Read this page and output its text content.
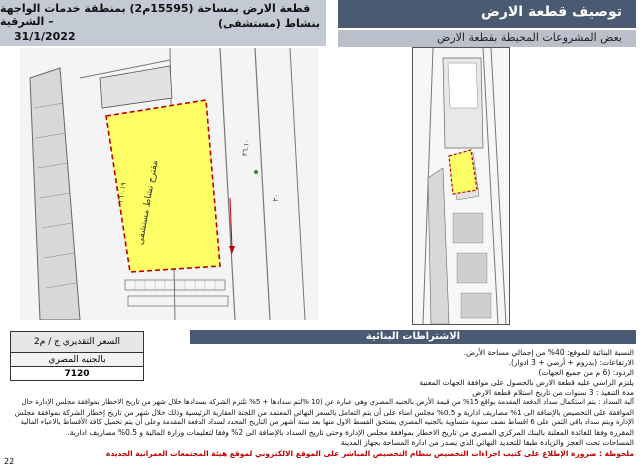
توصيف قطعة الارض
بعض المشروعات المحيطة بقطعة الارض
قطعة الارض بمساحة (15595م2) بمنطقة خدمات الواجهة الشرقية –	بنشاط (مستشفى)
31/1/2022
مقترح نشاط مستشفى
٢٦٠.١٩
٢٦.١٠
٢٠
الاشتراطات البنائية
السعر التقديري ج / م2
بالجنيه المصري
7120
النسبة البنائية للموقع: 40% من إجمالي مساحة الأرض.
الارتفاعات: (بدروم + أرضي + 3 ادوار).
الردود: (6 م من جميع الجهات)
يلتزم الراسي عليه قطعة الارض بالحصول على موافقة الجهات المعنية
مدة التنفيذ : 3 سنوات من تاريخ استلام قطعة الارض
آلية السداد : يتم استكمال سداد الدفعة المقدمة بواقع 15% من قيمة الأرض بالجنيه المصري وهي عبارة عن (10 %لتم سدادها + 5% تلتزم الشركة بسدادها خلال شهر من تاريخ الاخطار بموافقة مجلس الإدارة حال
الموافقة على التخصيص بالإضافة الى 1% مصاريف ادارية و 0.5% مجلس امناء على أن يتم التعامل بالسعر النهائي المعتمد من اللجنة العقارية الرئيسية وذلك خلال شهر من تاريخ إخطار الشركة بموافقة مجلس
الإدارة ويتم سداد باقي الثمن على 6 اقساط نصف سنوية متساوية بالجنيه المصري يستحق القسط الاول منها بعد ستة أشهر من التاريخ المحدد لسداد الدفعة المقدمة وعلى أن يتم تحميل كافة الأقساط بالاعباء المالية
المقررة وفقا للفائدة المعلنة بالبنك المركزي المصري من تاريخ الاخطار بموافقة مجلس الإدارة وحتى تاريخ السداد بالإضافة الى 2% وفقا لتعليمات وزارة المالية و 0.5% مصاريف ادارية.
المساحات تحت العجز والزيادة طبقا للتحديد النهائي الذي يصدر من ادارة المساحة بجهاز المدينة
ملحوظة : ضرورة الإطلاع على كتيب اجراءات التخصيص بنظام التخصيص المباشر على الموقع الالكتروني لموقع هيئة المجتمعات العمرانية الجديدة
22
